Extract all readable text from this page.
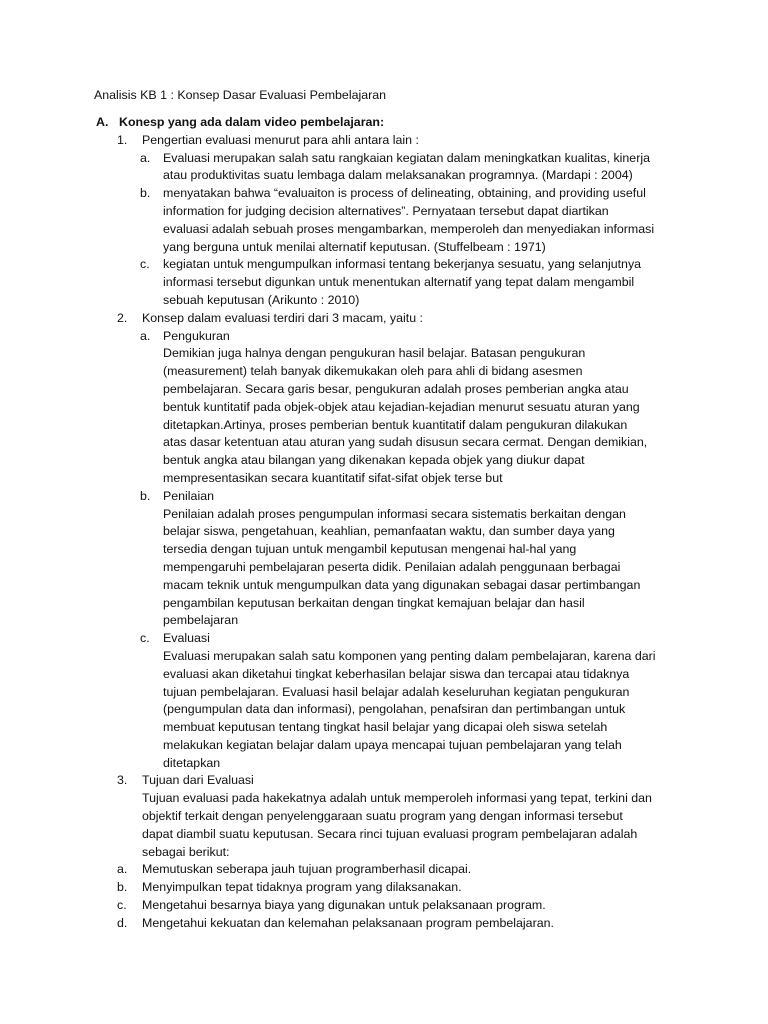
Analisis KB 1 : Konsep Dasar Evaluasi Pembelajaran

A. Konesp yang ada dalam video pembelajaran:
1. Pengertian evaluasi menurut para ahli antara lain :
a. Evaluasi merupakan salah satu rangkaian kegiatan dalam meningkatkan kualitas, kinerja
atau produktivitas suatu lembaga dalam melaksanakan programnya. (Mardapi : 2004)
b. menyatakan bahwa “evaluaiton is process of delineating, obtaining, and providing useful
information for judging decision alternatives”. Pernyataan tersebut dapat diartikan
evaluasi adalah sebuah proses mengambarkan, memperoleh dan menyediakan informasi
yang berguna untuk menilai alternatif keputusan. (Stuffelbeam : 1971)
c. kegiatan untuk mengumpulkan informasi tentang bekerjanya sesuatu, yang selanjutnya
informasi tersebut digunkan untuk menentukan alternatif yang tepat dalam mengambil
sebuah keputusan (Arikunto : 2010)
2. Konsep dalam evaluasi terdiri dari 3 macam, yaitu :
a. Pengukuran
Demikian juga halnya dengan pengukuran hasil belajar. Batasan pengukuran
(measurement) telah banyak dikemukakan oleh para ahli di bidang asesmen
pembelajaran. Secara garis besar, pengukuran adalah proses pemberian angka atau
bentuk kuntitatif pada objek-objek atau kejadian-kejadian menurut sesuatu aturan yang
ditetapkan.Artinya, proses pemberian bentuk kuantitatif dalam pengukuran dilakukan
atas dasar ketentuan atau aturan yang sudah disusun secara cermat. Dengan demikian,
bentuk angka atau bilangan yang dikenakan kepada objek yang diukur dapat
mempresentasikan secara kuantitatif sifat-sifat objek terse but
b. Penilaian
Penilaian adalah proses pengumpulan informasi secara sistematis berkaitan dengan
belajar siswa, pengetahuan, keahlian, pemanfaatan waktu, dan sumber daya yang
tersedia dengan tujuan untuk mengambil keputusan mengenai hal-hal yang
mempengaruhi pembelajaran peserta didik. Penilaian adalah penggunaan berbagai
macam teknik untuk mengumpulkan data yang digunakan sebagai dasar pertimbangan
pengambilan keputusan berkaitan dengan tingkat kemajuan belajar dan hasil
pembelajaran
c. Evaluasi
Evaluasi merupakan salah satu komponen yang penting dalam pembelajaran, karena dari
evaluasi akan diketahui tingkat keberhasilan belajar siswa dan tercapai atau tidaknya
tujuan pembelajaran. Evaluasi hasil belajar adalah keseluruhan kegiatan pengukuran
(pengumpulan data dan informasi), pengolahan, penafsiran dan pertimbangan untuk
membuat keputusan tentang tingkat hasil belajar yang dicapai oleh siswa setelah
melakukan kegiatan belajar dalam upaya mencapai tujuan pembelajaran yang telah
ditetapkan
3. Tujuan dari Evaluasi
Tujuan evaluasi pada hakekatnya adalah untuk memperoleh informasi yang tepat, terkini dan
objektif terkait dengan penyelenggaraan suatu program yang dengan informasi tersebut
dapat diambil suatu keputusan. Secara rinci tujuan evaluasi program pembelajaran adalah
sebagai berikut:
a. Memutuskan seberapa jauh tujuan programberhasil dicapai.
b. Menyimpulkan tepat tidaknya program yang dilaksanakan.
c. Mengetahui besarnya biaya yang digunakan untuk pelaksanaan program.
d. Mengetahui kekuatan dan kelemahan pelaksanaan program pembelajaran.
